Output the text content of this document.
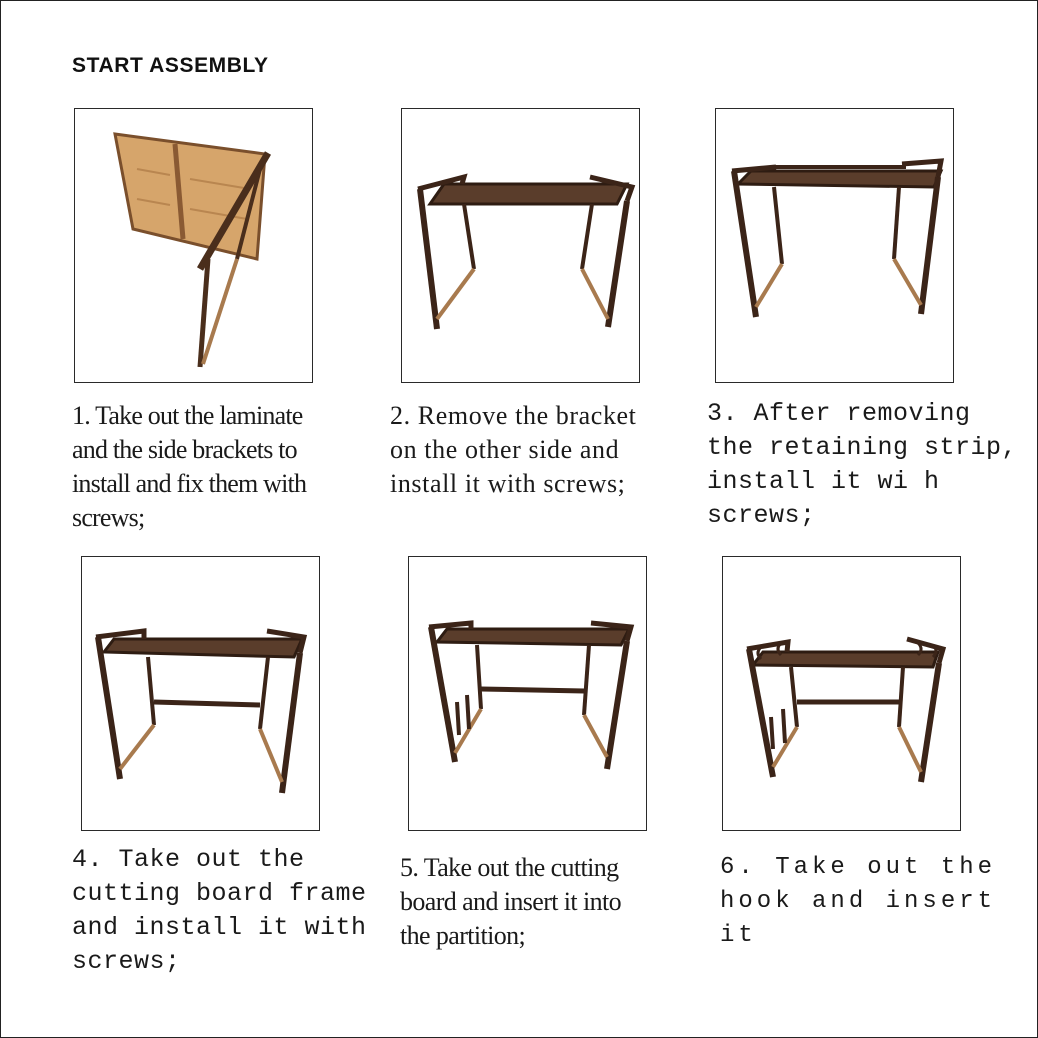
START ASSEMBLY
1. Take out the laminate
and the side brackets to
install and fix them with
screws;
2. Remove the bracket
on the other side and
install it with screws;
3. After removing
the retaining strip,
install it wi h screws;
4. Take out the
cutting board frame
and install it with
screws;
5. Take out the cutting
board and insert it into
the partition;
6. Take out the
hook and insert
it
